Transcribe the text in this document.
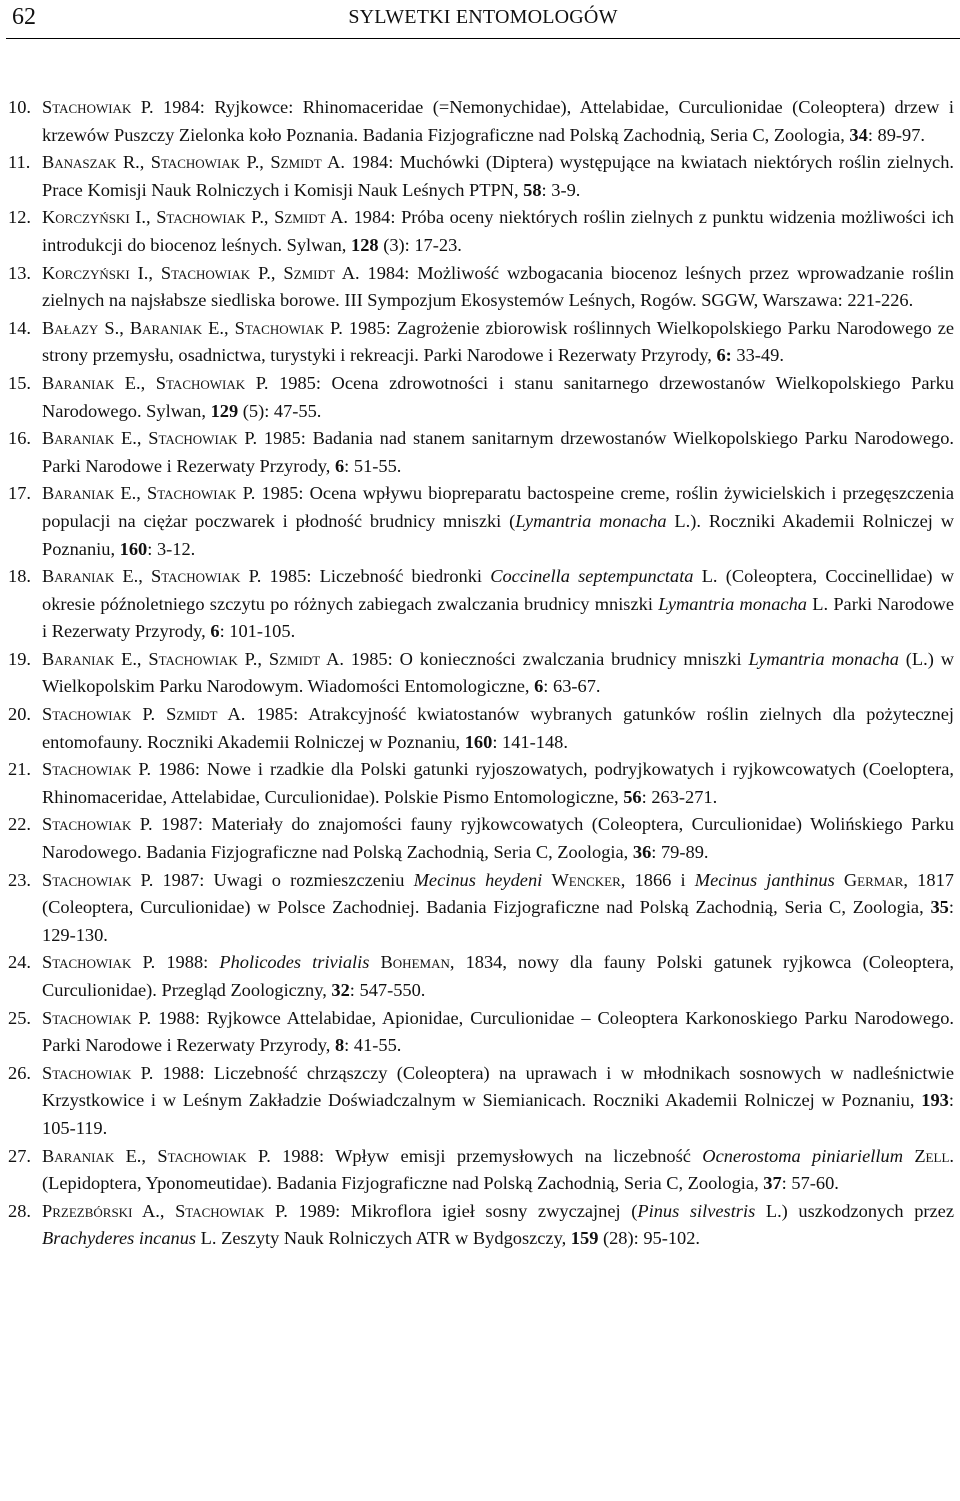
62	SYLWETKI ENTOMOLOGÓW
10. Stachowiak P. 1984: Ryjkowce: Rhinomaceridae (=Nemonychidae), Attelabidae, Curculionidae (Coleoptera) drzew i krzewów Puszczy Zielonka koło Poznania. Badania Fizjograficzne nad Polską Zachodnią, Seria C, Zoologia, 34: 89-97.
11. Banaszak R., Stachowiak P., Szmidt A. 1984: Muchówki (Diptera) występujące na kwiatach niektórych roślin zielnych. Prace Komisji Nauk Rolniczych i Komisji Nauk Leśnych PTPN, 58: 3-9.
12. Korczyński I., Stachowiak P., Szmidt A. 1984: Próba oceny niektórych roślin zielnych z punktu widzenia możliwości ich introdukcji do biocenoz leśnych. Sylwan, 128 (3): 17-23.
13. Korczyński I., Stachowiak P., Szmidt A. 1984: Możliwość wzbogacania biocenoz leśnych przez wprowadzanie roślin zielnych na najsłabsze siedliska borowe. III Sympozjum Ekosystemów Leśnych, Rogów. SGGW, Warszawa: 221-226.
14. Bałazy S., Baraniak E., Stachowiak P. 1985: Zagrożenie zbiorowisk roślinnych Wielkopolskiego Parku Narodowego ze strony przemysłu, osadnictwa, turystyki i rekreacji. Parki Narodowe i Rezerwaty Przyrody, 6: 33-49.
15. Baraniak E., Stachowiak P. 1985: Ocena zdrowotności i stanu sanitarnego drzewostanów Wielkopolskiego Parku Narodowego. Sylwan, 129 (5): 47-55.
16. Baraniak E., Stachowiak P. 1985: Badania nad stanem sanitarnym drzewostanów Wielkopolskiego Parku Narodowego. Parki Narodowe i Rezerwaty Przyrody, 6: 51-55.
17. Baraniak E., Stachowiak P. 1985: Ocena wpływu biopreparatu bactospeine creme, roślin żywicielskich i przegęszczenia populacji na ciężar poczwarek i płodność brudnicy mniszki (Lymantria monacha L.). Roczniki Akademii Rolniczej w Poznaniu, 160: 3-12.
18. Baraniak E., Stachowiak P. 1985: Liczebność biedronki Coccinella septempunctata L. (Coleoptera, Coccinellidae) w okresie późnoletniego szczytu po różnych zabiegach zwalczania brudnicy mniszki Lymantria monacha L. Parki Narodowe i Rezerwaty Przyrody, 6: 101-105.
19. Baraniak E., Stachowiak P., Szmidt A. 1985: O konieczności zwalczania brudnicy mniszki Lymantria monacha (L.) w Wielkopolskim Parku Narodowym. Wiadomości Entomologiczne, 6: 63-67.
20. Stachowiak P. Szmidt A. 1985: Atrakcyjność kwiatostanów wybranych gatunków roślin zielnych dla pożytecznej entomofauny. Roczniki Akademii Rolniczej w Poznaniu, 160: 141-148.
21. Stachowiak P. 1986: Nowe i rzadkie dla Polski gatunki ryjoszowatych, podryjkowatych i ryjkowcowatych (Coeloptera, Rhinomaceridae, Attelabidae, Curculionidae). Polskie Pismo Entomologiczne, 56: 263-271.
22. Stachowiak P. 1987: Materiały do znajomości fauny ryjkowcowatych (Coleoptera, Curculionidae) Wolińskiego Parku Narodowego. Badania Fizjograficzne nad Polską Zachodnią, Seria C, Zoologia, 36: 79-89.
23. Stachowiak P. 1987: Uwagi o rozmieszczeniu Mecinus heydeni Wencker, 1866 i Mecinus janthinus Germar, 1817 (Coleoptera, Curculionidae) w Polsce Zachodniej. Badania Fizjograficzne nad Polską Zachodnią, Seria C, Zoologia, 35: 129-130.
24. Stachowiak P. 1988: Pholicodes trivialis Boheman, 1834, nowy dla fauny Polski gatunek ryjkowca (Coleoptera, Curculionidae). Przegląd Zoologiczny, 32: 547-550.
25. Stachowiak P. 1988: Ryjkowce Attelabidae, Apionidae, Curculionidae – Coleoptera Karkonoskiego Parku Narodowego. Parki Narodowe i Rezerwaty Przyrody, 8: 41-55.
26. Stachowiak P. 1988: Liczebność chrząszczy (Coleoptera) na uprawach i w młodnikach sosnowych w nadleśnictwie Krzystkowice i w Leśnym Zakładzie Doświadczalnym w Siemianicach. Roczniki Akademii Rolniczej w Poznaniu, 193: 105-119.
27. Baraniak E., Stachowiak P. 1988: Wpływ emisji przemysłowych na liczebność Ocnerostoma piniariellum Zell. (Lepidoptera, Yponomeutidae). Badania Fizjograficzne nad Polską Zachodnią, Seria C, Zoologia, 37: 57-60.
28. Przezbórski A., Stachowiak P. 1989: Mikroflora igieł sosny zwyczajnej (Pinus silvestris L.) uszkodzonych przez Brachyderes incanus L. Zeszyty Nauk Rolniczych ATR w Bydgoszczy, 159 (28): 95-102.
